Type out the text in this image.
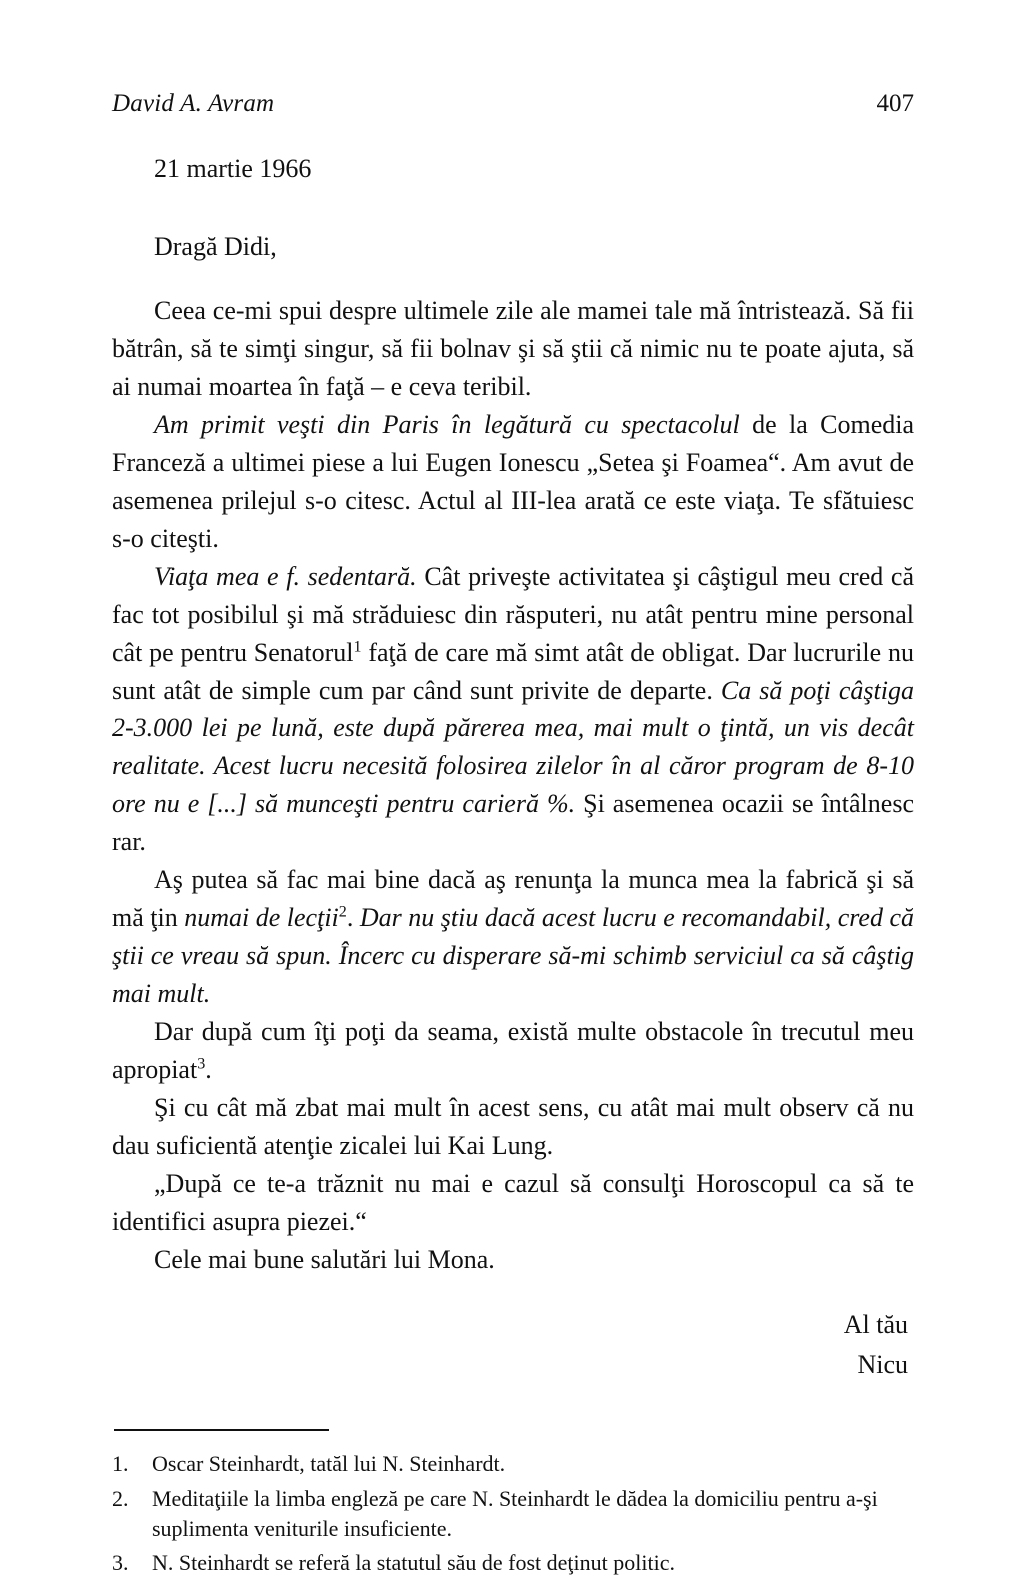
David A. Avram	407
21 martie 1966
Dragă Didi,

Ceea ce-mi spui despre ultimele zile ale mamei tale mă întristează. Să fii bătrân, să te simţi singur, să fii bolnav şi să ştii că nimic nu te poate ajuta, să ai numai moartea în faţă – e ceva teribil.

Am primit veşti din Paris în legătură cu spectacolul de la Comedia Franceză a ultimei piese a lui Eugen Ionescu „Setea şi Foamea“. Am avut de asemenea prilejul s-o citesc. Actul al III-lea arată ce este viaţa. Te sfătuiesc s-o citeşti.

Viaţa mea e f. sedentară. Cât priveşte activitatea şi câştigul meu cred că fac tot posibilul şi mă străduiesc din răsputeri, nu atât pentru mine personal cât pe pentru Senatorul$^1$ faţă de care mă simt atât de obligat. Dar lucrurile nu sunt atât de simple cum par când sunt privite de departe. Ca să poţi câştiga 2-3.000 lei pe lună, este după părerea mea, mai mult o ţintă, un vis decât realitate. Acest lucru necesită folosirea zilelor în al căror program de 8-10 ore nu e [...] să munceşti pentru carieră %. Şi asemenea ocazii se întâlnesc rar.

Aş putea să fac mai bine dacă aş renunţa la munca mea la fabrică şi să mă ţin numai de lecţii$^2$. Dar nu ştiu dacă acest lucru e recomandabil, cred că ştii ce vreau să spun. Încerc cu disperare să-mi schimb serviciul ca să câştig mai mult.

Dar după cum îţi poţi da seama, există multe obstacole în trecutul meu apropiat$^3$.

Şi cu cât mă zbat mai mult în acest sens, cu atât mai mult observ că nu dau suficientă atenţie zicalei lui Kai Lung.

„După ce te-a trăznit nu mai e cazul să consulţi Horoscopul ca să te identifici asupra piezei.“

Cele mai bune salutări lui Mona.

Al tău
Nicu
1.	Oscar Steinhardt, tatăl lui N. Steinhardt.
2.	Meditaţiile la limba engleză pe care N. Steinhardt le dădea la domiciliu pentru a-şi suplimenta veniturile insuficiente.
3.	N. Steinhardt se referă la statutul său de fost deţinut politic.
